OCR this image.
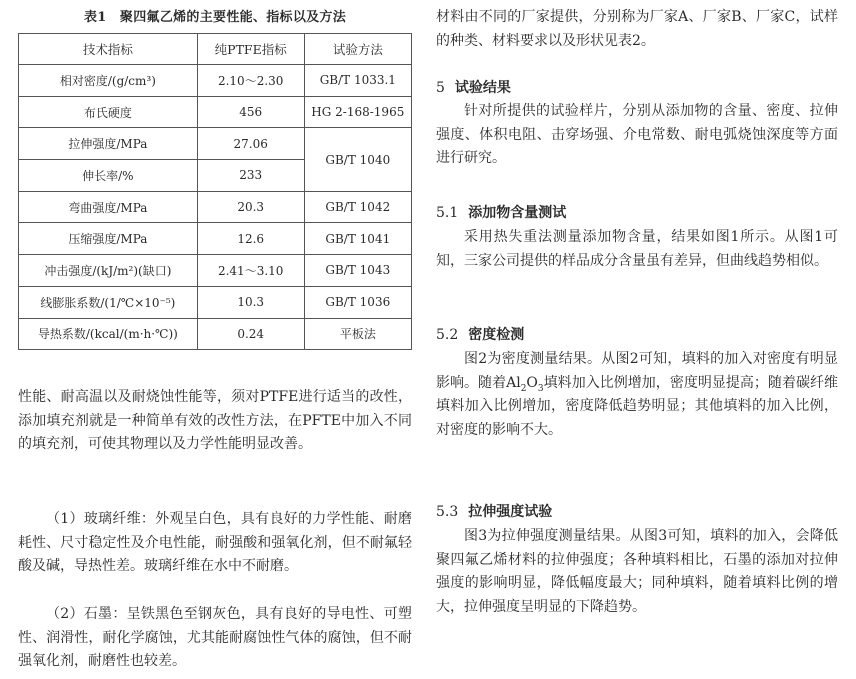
表1　聚四氟乙烯的主要性能、指标以及方法
技术指标	纯PTFE指标	试验方法
相对密度/(g/cm³)	2.10～2.30	GB/T 1033.1
布氏硬度	456	HG 2-168-1965
拉伸强度/MPa	27.06	GB/T 1040
伸长率/%	233	
弯曲强度/MPa	20.3	GB/T 1042
压缩强度/MPa	12.6	GB/T 1041
冲击强度/(kJ/m²)(缺口)	2.41～3.10	GB/T 1043
线膨胀系数/(1/℃×10⁻⁵)	10.3	GB/T 1036
导热系数/(kcal/(m·h·℃))	0.24	平板法

性能、耐高温以及耐烧蚀性能等，须对PTFE进行适当的改性，添加填充剂就是一种简单有效的改性方法，在PFTE中加入不同的填充剂，可使其物理以及力学性能明显改善。

（1）玻璃纤维：外观呈白色，具有良好的力学性能、耐磨耗性、尺寸稳定性及介电性能，耐强酸和强氧化剂，但不耐氟轻酸及碱，导热性差。玻璃纤维在水中不耐磨。

（2）石墨：呈铁黑色至钢灰色，具有良好的导电性、可塑性、润滑性，耐化学腐蚀，尤其能耐腐蚀性气体的腐蚀，但不耐强氧化剂，耐磨性也较差。

材料由不同的厂家提供，分别称为厂家A、厂家B、厂家C，试样的种类、材料要求以及形状见表2。

5 试验结果

针对所提供的试验样片，分别从添加物的含量、密度、拉伸强度、体积电阻、击穿场强、介电常数、耐电弧烧蚀深度等方面进行研究。

5.1 添加物含量测试

采用热失重法测量添加物含量，结果如图1所示。从图1可知，三家公司提供的样品成分含量虽有差异，但曲线趋势相似。

5.2 密度检测

图2为密度测量结果。从图2可知，填料的加入对密度有明显影响。随着$Al_2O_3$填料加入比例增加，密度明显提高；随着碳纤维填料加入比例增加，密度降低趋势明显；其他填料的加入比例，对密度的影响不大。

5.3 拉伸强度试验

图3为拉伸强度测量结果。从图3可知，填料的加入，会降低聚四氟乙烯材料的拉伸强度；各种填料相比，石墨的添加对拉伸强度的影响明显，降低幅度最大；同种填料，随着填料比例的增大，拉伸强度呈明显的下降趋势。
